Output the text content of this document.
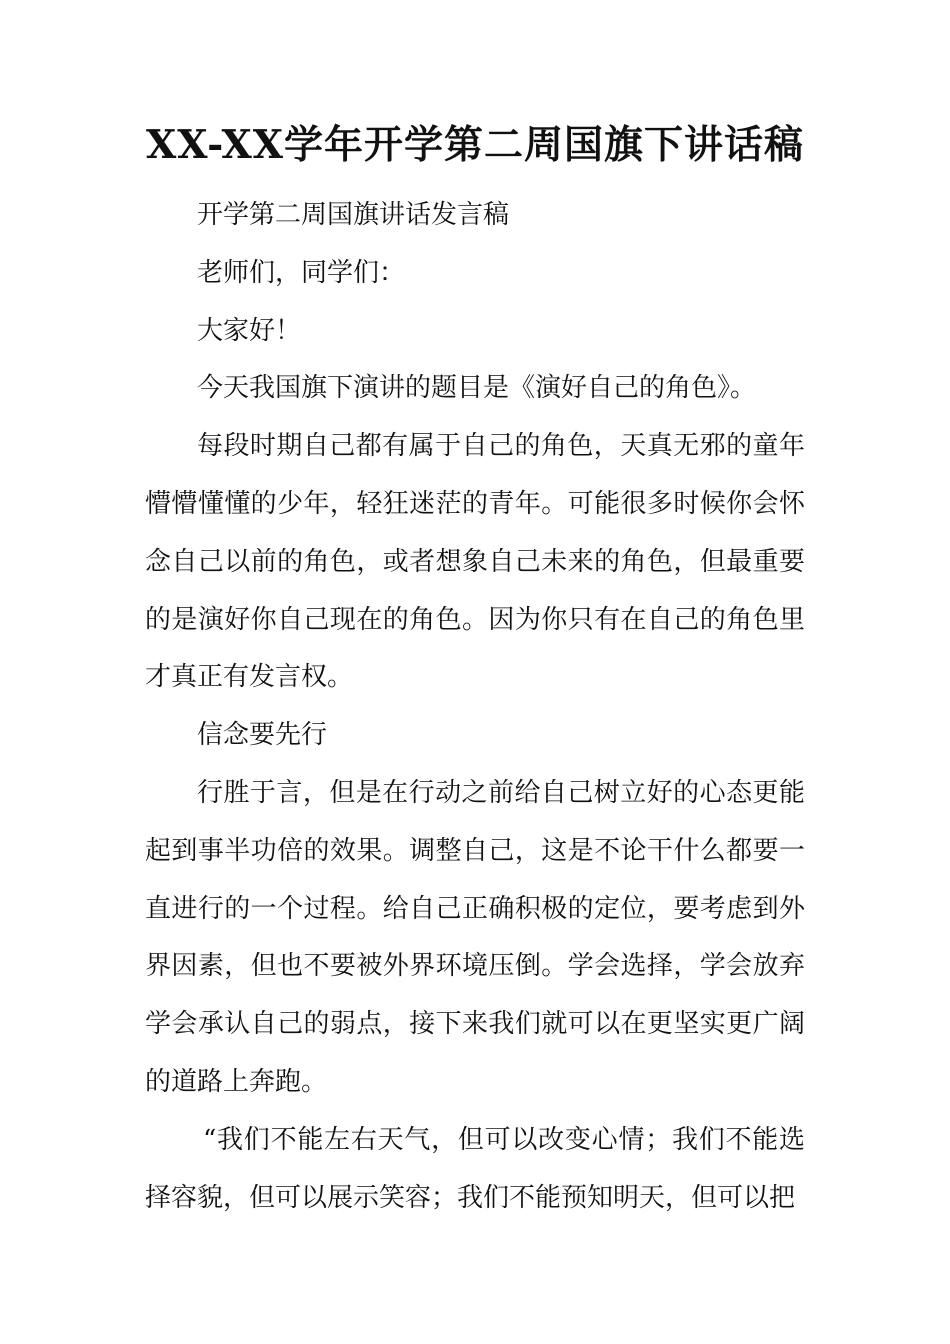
XX-XX学年开学第二周国旗下讲话稿

开学第二周国旗讲话发言稿

老师们，同学们：

大家好！

今天我国旗下演讲的题目是《演好自己的角色》。

每段时期自己都有属于自己的角色，天真无邪的童年懵懵懂懂的少年，轻狂迷茫的青年。可能很多时候你会怀念自己以前的角色，或者想象自己未来的角色，但最重要的是演好你自己现在的角色。因为你只有在自己的角色里才真正有发言权。

信念要先行

行胜于言，但是在行动之前给自己树立好的心态更能起到事半功倍的效果。调整自己，这是不论干什么都要一直进行的一个过程。给自己正确积极的定位，要考虑到外界因素，但也不要被外界环境压倒。学会选择，学会放弃学会承认自己的弱点，接下来我们就可以在更坚实更广阔的道路上奔跑。

“我们不能左右天气，但可以改变心情；我们不能选择容貌，但可以展示笑容；我们不能预知明天，但可以把
